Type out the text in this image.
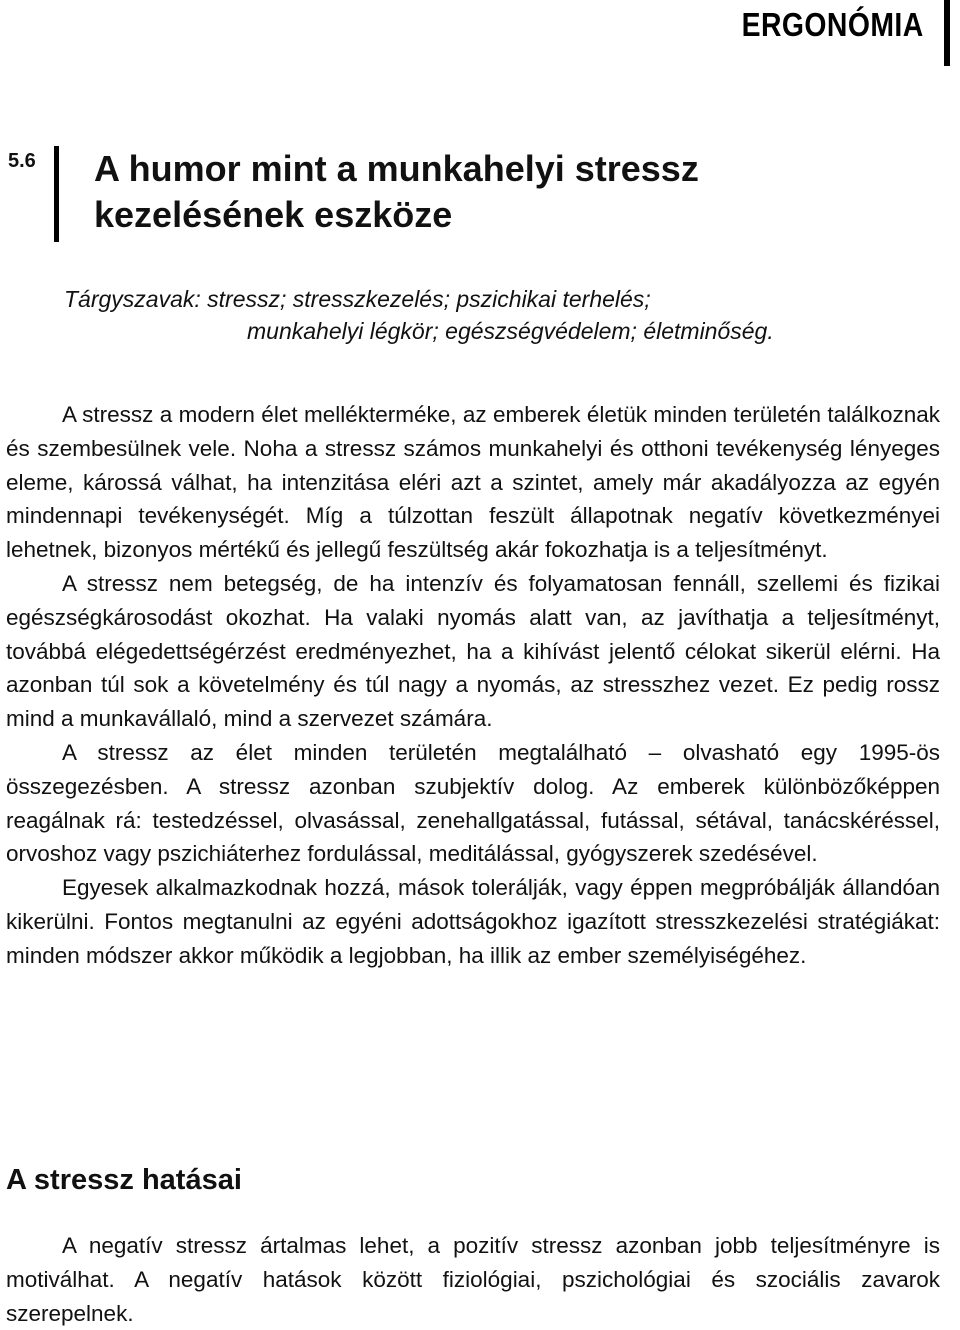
ERGONÓMIA
5.6 A humor mint a munkahelyi stressz kezelésének eszköze
Tárgyszavak: stressz; stresszkezelés; pszichikai terhelés;
munkahelyi légkör; egészségvédelem; életminőség.

A stressz a modern élet mellékterméke, az emberek életük minden területén találkoznak és szembesülnek vele. Noha a stressz számos munkahelyi és otthoni tevékenység lényeges eleme, károssá válhat, ha intenzitása eléri azt a szintet, amely már akadályozza az egyén mindennapi tevékenységét. Míg a túlzottan feszült állapotnak negatív következményei lehetnek, bizonyos mértékű és jellegű feszültség akár fokozhatja is a teljesítményt.

A stressz nem betegség, de ha intenzív és folyamatosan fennáll, szellemi és fizikai egészségkárosodást okozhat. Ha valaki nyomás alatt van, az javíthatja a teljesítményt, továbbá elégedettségérzést eredményezhet, ha a kihívást jelentő célokat sikerül elérni. Ha azonban túl sok a követelmény és túl nagy a nyomás, az stresszhez vezet. Ez pedig rossz mind a munkavállaló, mind a szervezet számára.

A stressz az élet minden területén megtalálható – olvasható egy 1995-ös összegezésben. A stressz azonban szubjektív dolog. Az emberek különbözőképpen reagálnak rá: testedzéssel, olvasással, zenehallgatással, futással, sétával, tanácskéréssel, orvoshoz vagy pszichiáterhez fordulással, meditálással, gyógyszerek szedésével.

Egyesek alkalmazkodnak hozzá, mások tolerálják, vagy éppen megpróbálják állandóan kikerülni. Fontos megtanulni az egyéni adottságokhoz igazított stresszkezelési stratégiákat: minden módszer akkor működik a legjobban, ha illik az ember személyiségéhez.

A stressz hatásai

A negatív stressz ártalmas lehet, a pozitív stressz azonban jobb teljesítményre is motiválhat. A negatív hatások között fiziológiai, pszichológiai és szociális zavarok szerepelnek.
